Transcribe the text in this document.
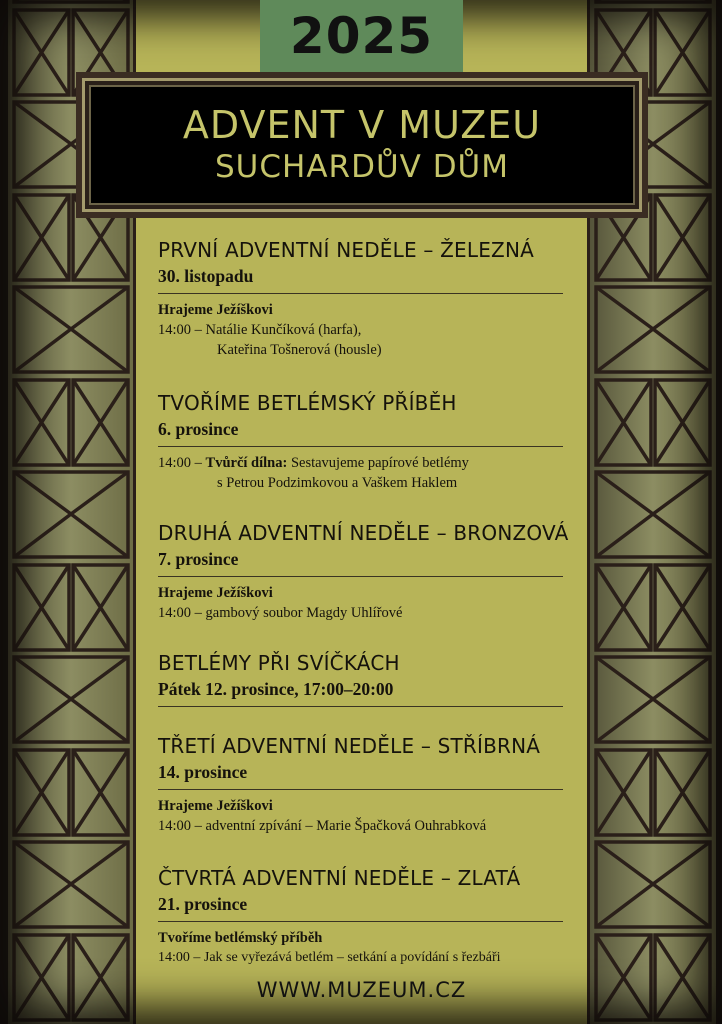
2025
ADVENT V MUZEU
SUCHARDŮV DŮM
PRVNÍ ADVENTNÍ NEDĚLE – ŽELEZNÁ
30. listopadu
Hrajeme Ježíškovi
14:00 – Natálie Kunčíková (harfa),
Kateřina Tošnerová (housle)
TVOŘÍME BETLÉMSKÝ PŘÍBĚH
6. prosince
14:00 – Tvůrčí dílna: Sestavujeme papírové betlémy
s Petrou Podzimkovou a Vaškem Haklem
DRUHÁ ADVENTNÍ NEDĚLE – BRONZOVÁ
7. prosince
Hrajeme Ježíškovi
14:00 – gambový soubor Magdy Uhlířové
BETLÉMY PŘI SVÍČKÁCH
Pátek 12. prosince, 17:00–20:00
TŘETÍ ADVENTNÍ NEDĚLE – STŘÍBRNÁ
14. prosince
Hrajeme Ježíškovi
14:00 – adventní zpívání – Marie Špačková Ouhrabková
ČTVRTÁ ADVENTNÍ NEDĚLE – ZLATÁ
21. prosince
Tvoříme betlémský příběh
14:00 – Jak se vyřezává betlém – setkání a povídání s řezbáři
WWW.MUZEUM.CZ
